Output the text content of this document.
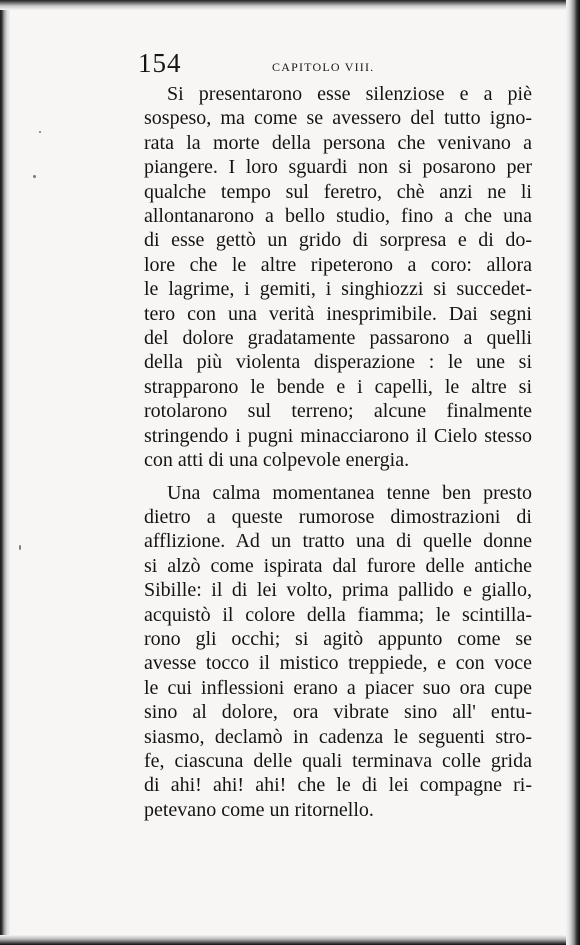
154	CAPITOLO VIII.

Si presentarono esse silenziose e a piè
sospeso, ma come se avessero del tutto igno-
rata la morte della persona che venivano a
piangere. I loro sguardi non si posarono per
qualche tempo sul feretro, chè anzi ne li
allontanarono a bello studio, fino a che una
di esse gettò un grido di sorpresa e di do-
lore che le altre ripeterono a coro: allora
le lagrime, i gemiti, i singhiozzi si succedet-
tero con una verità inesprimibile. Dai segni
del dolore gradatamente passarono a quelli
della più violenta disperazione : le une si
strapparono le bende e i capelli, le altre si
rotolarono sul terreno; alcune finalmente
stringendo i pugni minacciarono il Cielo stesso
con atti di una colpevole energia.

Una calma momentanea tenne ben presto
dietro a queste rumorose dimostrazioni di
afflizione. Ad un tratto una di quelle donne
si alzò come ispirata dal furore delle antiche
Sibille: il di lei volto, prima pallido e giallo,
acquistò il colore della fiamma; le scintilla-
rono gli occhi; si agitò appunto come se
avesse tocco il mistico treppiede, e con voce
le cui inflessioni erano a piacer suo ora cupe
sino al dolore, ora vibrate sino all' entu-
siasmo, declamò in cadenza le seguenti stro-
fe, ciascuna delle quali terminava colle grida
di ahi! ahi! ahi! che le di lei compagne ri-
petevano come un ritornello.
